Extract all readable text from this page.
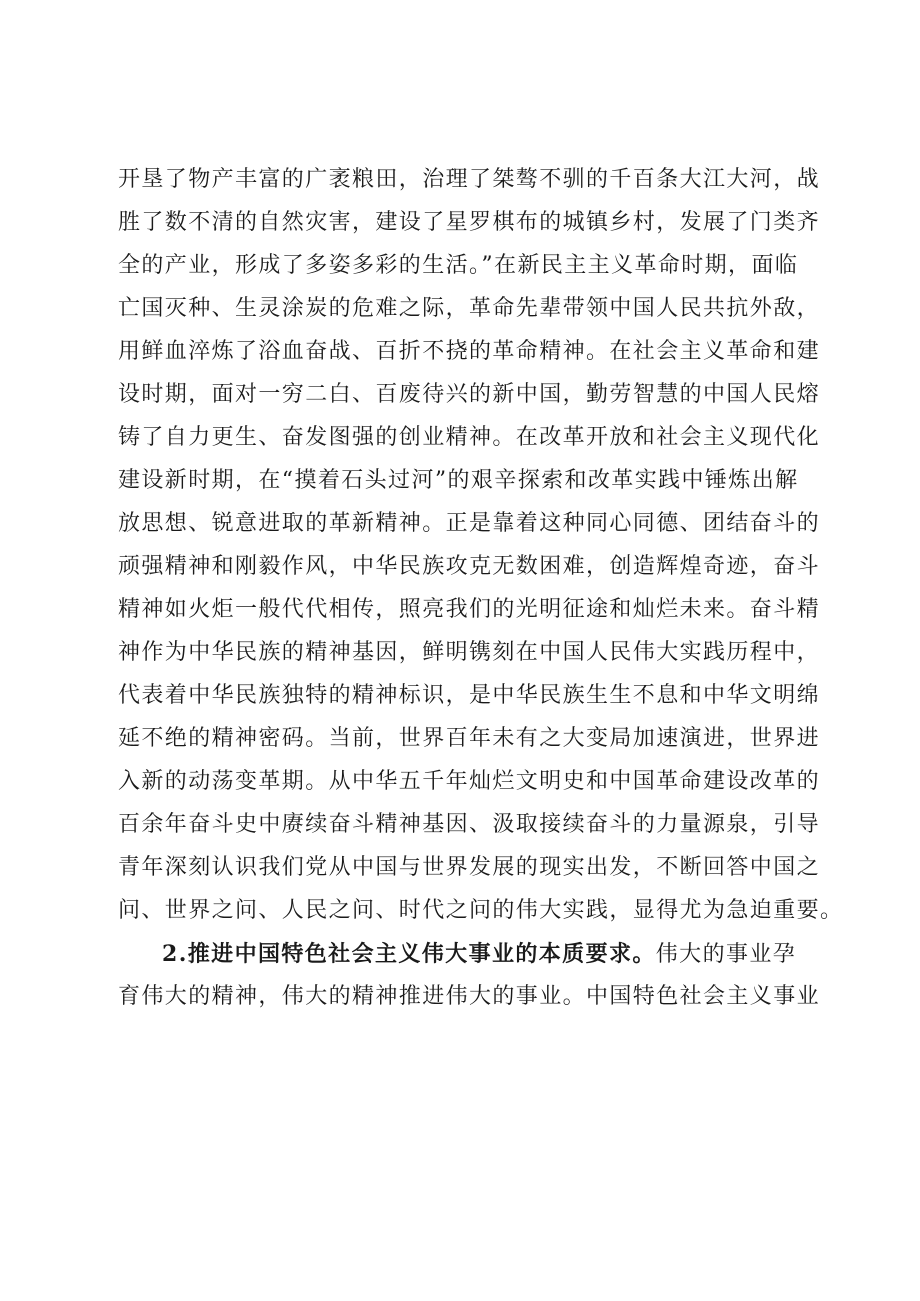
开垦了物产丰富的广袤粮田，治理了桀骜不驯的千百条大江大河，战
胜了数不清的自然灾害，建设了星罗棋布的城镇乡村，发展了门类齐
全的产业，形成了多姿多彩的生活。”在新民主主义革命时期，面临
亡国灭种、生灵涂炭的危难之际，革命先辈带领中国人民共抗外敌，
用鲜血淬炼了浴血奋战、百折不挠的革命精神。在社会主义革命和建
设时期，面对一穷二白、百废待兴的新中国，勤劳智慧的中国人民熔
铸了自力更生、奋发图强的创业精神。在改革开放和社会主义现代化
建设新时期，在“摸着石头过河”的艰辛探索和改革实践中锤炼出解
放思想、锐意进取的革新精神。正是靠着这种同心同德、团结奋斗的
顽强精神和刚毅作风，中华民族攻克无数困难，创造辉煌奇迹，奋斗
精神如火炬一般代代相传，照亮我们的光明征途和灿烂未来。奋斗精
神作为中华民族的精神基因，鲜明镌刻在中国人民伟大实践历程中，
代表着中华民族独特的精神标识，是中华民族生生不息和中华文明绵
延不绝的精神密码。当前，世界百年未有之大变局加速演进，世界进
入新的动荡变革期。从中华五千年灿烂文明史和中国革命建设改革的
百余年奋斗史中赓续奋斗精神基因、汲取接续奋斗的力量源泉，引导
青年深刻认识我们党从中国与世界发展的现实出发，不断回答中国之
问、世界之问、人民之问、时代之问的伟大实践，显得尤为急迫重要。
2.推进中国特色社会主义伟大事业的本质要求。伟大的事业孕
育伟大的精神，伟大的精神推进伟大的事业。中国特色社会主义事业
